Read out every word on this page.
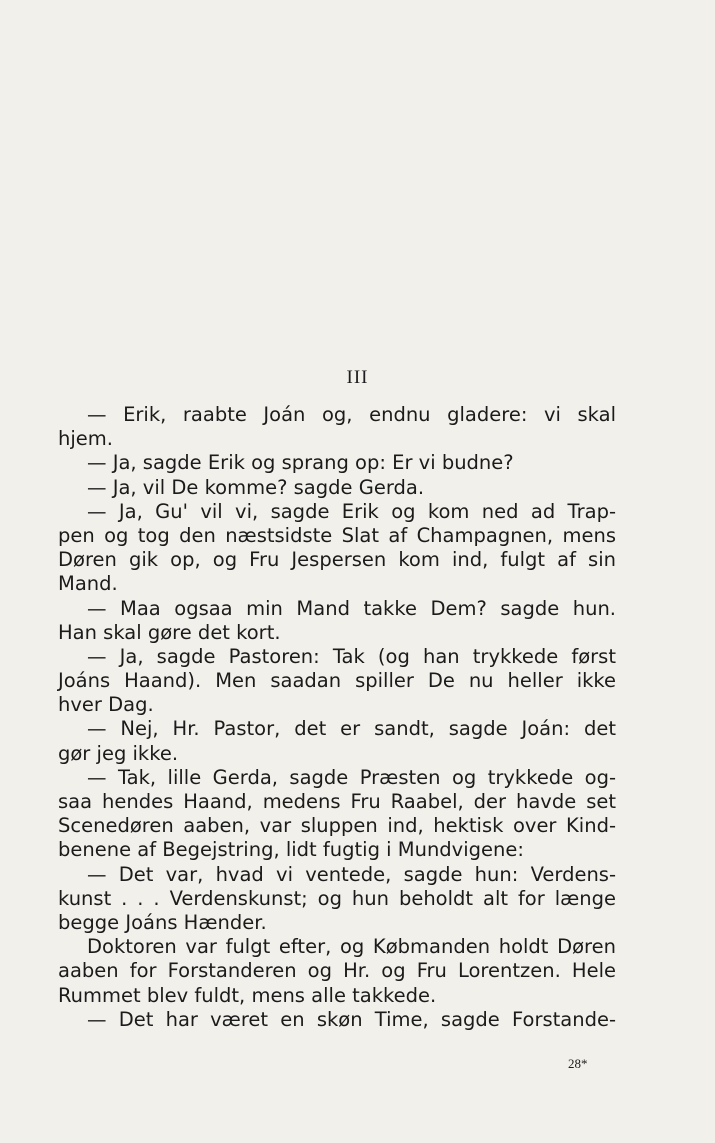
III
— Erik, raabte Joán og, endnu gladere: vi skal
hjem.
— Ja, sagde Erik og sprang op: Er vi budne?
— Ja, vil De komme? sagde Gerda.
— Ja, Gu' vil vi, sagde Erik og kom ned ad Trap-
pen og tog den næstsidste Slat af Champagnen, mens
Døren gik op, og Fru Jespersen kom ind, fulgt af sin
Mand.
— Maa ogsaa min Mand takke Dem? sagde hun.
Han skal gøre det kort.
— Ja, sagde Pastoren: Tak (og han trykkede først
Joáns Haand). Men saadan spiller De nu heller ikke
hver Dag.
— Nej, Hr. Pastor, det er sandt, sagde Joán: det
gør jeg ikke.
— Tak, lille Gerda, sagde Præsten og trykkede og-
saa hendes Haand, medens Fru Raabel, der havde set
Scenedøren aaben, var sluppen ind, hektisk over Kind-
benene af Begejstring, lidt fugtig i Mundvigene:
— Det var, hvad vi ventede, sagde hun: Verdens-
kunst . . . Verdenskunst; og hun beholdt alt for længe
begge Joáns Hænder.
Doktoren var fulgt efter, og Købmanden holdt Døren
aaben for Forstanderen og Hr. og Fru Lorentzen. Hele
Rummet blev fuldt, mens alle takkede.
— Det har været en skøn Time, sagde Forstande-
28*
